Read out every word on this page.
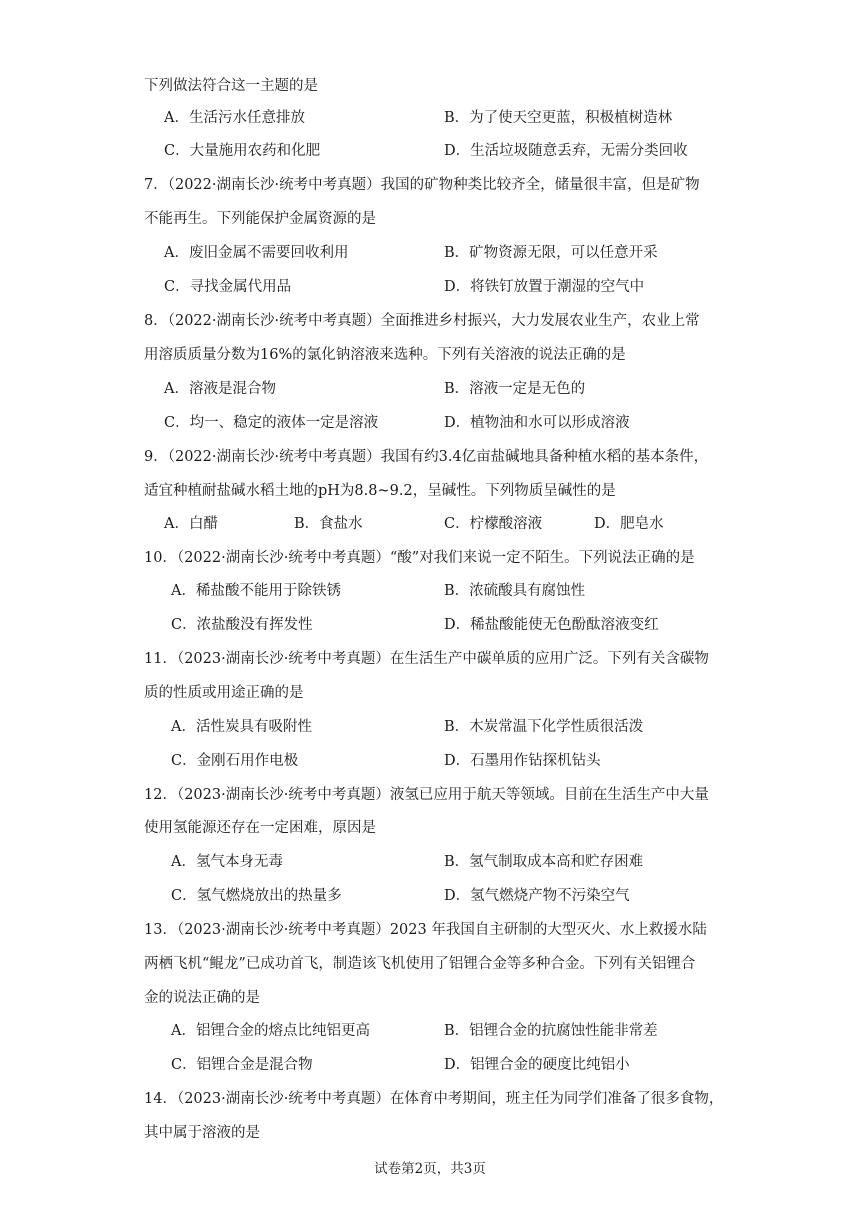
下列做法符合这一主题的是
A．生活污水任意排放	B．为了使天空更蓝，积极植树造林
C．大量施用农药和化肥	D．生活垃圾随意丢弃，无需分类回收
7．（2022·湖南长沙·统考中考真题）我国的矿物种类比较齐全，储量很丰富，但是矿物
不能再生。下列能保护金属资源的是
A．废旧金属不需要回收利用	B．矿物资源无限，可以任意开采
C．寻找金属代用品	D．将铁钉放置于潮湿的空气中
8．（2022·湖南长沙·统考中考真题）全面推进乡村振兴，大力发展农业生产，农业上常
用溶质质量分数为16%的氯化钠溶液来选种。下列有关溶液的说法正确的是
A．溶液是混合物	B．溶液一定是无色的
C．均一、稳定的液体一定是溶液	D．植物油和水可以形成溶液
9．（2022·湖南长沙·统考中考真题）我国有约3.4亿亩盐碱地具备种植水稻的基本条件，
适宜种植耐盐碱水稻土地的pH为8.8~9.2，呈碱性。下列物质呈碱性的是
A．白醋	B．食盐水	C．柠檬酸溶液	D．肥皂水
10．（2022·湖南长沙·统考中考真题）“酸”对我们来说一定不陌生。下列说法正确的是
A．稀盐酸不能用于除铁锈	B．浓硫酸具有腐蚀性
C．浓盐酸没有挥发性	D．稀盐酸能使无色酚酞溶液变红
11．（2023·湖南长沙·统考中考真题）在生活生产中碳单质的应用广泛。下列有关含碳物
质的性质或用途正确的是
A．活性炭具有吸附性	B．木炭常温下化学性质很活泼
C．金刚石用作电极	D．石墨用作钻探机钻头
12．（2023·湖南长沙·统考中考真题）液氢已应用于航天等领域。目前在生活生产中大量
使用氢能源还存在一定困难，原因是
A．氢气本身无毒	B．氢气制取成本高和贮存困难
C．氢气燃烧放出的热量多	D．氢气燃烧产物不污染空气
13．（2023·湖南长沙·统考中考真题）2023 年我国自主研制的大型灭火、水上救援水陆
两栖飞机“鲲龙”已成功首飞，制造该飞机使用了铝锂合金等多种合金。下列有关铝锂合
金的说法正确的是
A．铝锂合金的熔点比纯铝更高	B．铝锂合金的抗腐蚀性能非常差
C．铝锂合金是混合物	D．铝锂合金的硬度比纯铝小
14．（2023·湖南长沙·统考中考真题）在体育中考期间，班主任为同学们准备了很多食物，
其中属于溶液的是
试卷第2页，共3页
